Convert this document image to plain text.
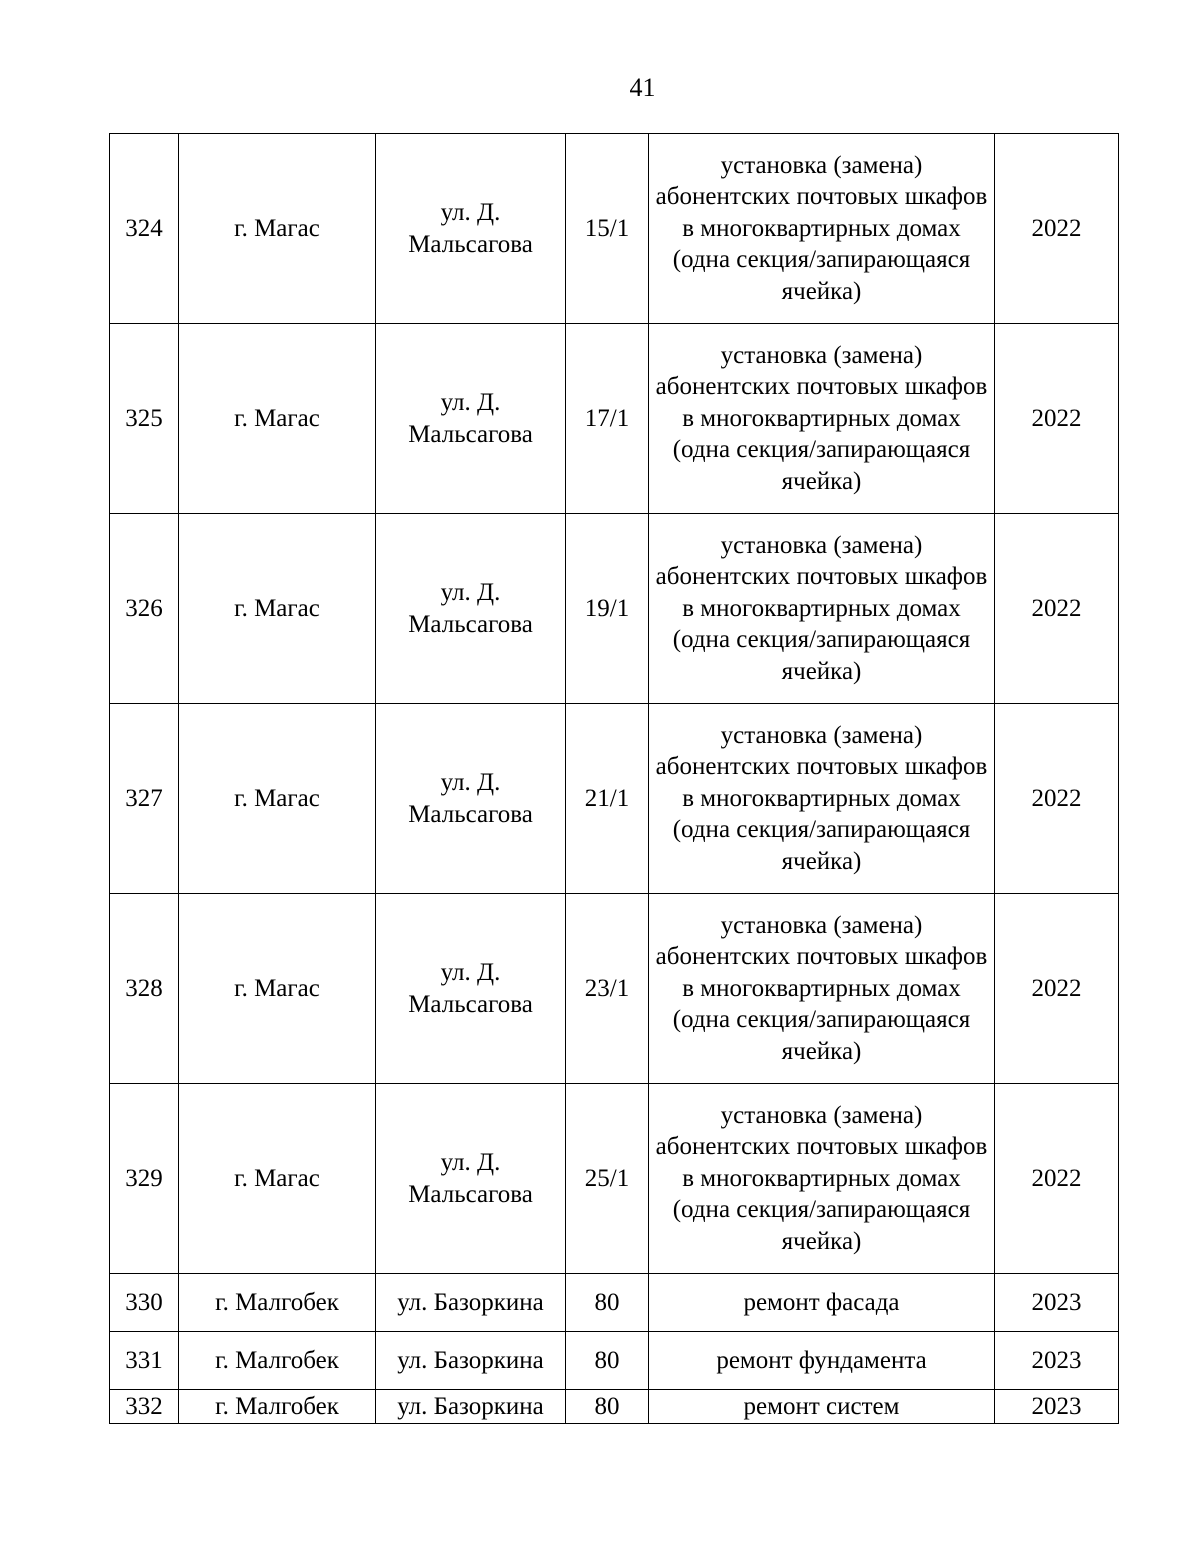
41
324	г. Магас	ул. Д. Мальсагова	15/1	установка (замена) абонентских почтовых шкафов в многоквартирных домах (одна секция/запирающаяся ячейка)	2022
325	г. Магас	ул. Д. Мальсагова	17/1	установка (замена) абонентских почтовых шкафов в многоквартирных домах (одна секция/запирающаяся ячейка)	2022
326	г. Магас	ул. Д. Мальсагова	19/1	установка (замена) абонентских почтовых шкафов в многоквартирных домах (одна секция/запирающаяся ячейка)	2022
327	г. Магас	ул. Д. Мальсагова	21/1	установка (замена) абонентских почтовых шкафов в многоквартирных домах (одна секция/запирающаяся ячейка)	2022
328	г. Магас	ул. Д. Мальсагова	23/1	установка (замена) абонентских почтовых шкафов в многоквартирных домах (одна секция/запирающаяся ячейка)	2022
329	г. Магас	ул. Д. Мальсагова	25/1	установка (замена) абонентских почтовых шкафов в многоквартирных домах (одна секция/запирающаяся ячейка)	2022
330	г. Малгобек	ул. Базоркина	80	ремонт фасада	2023
331	г. Малгобек	ул. Базоркина	80	ремонт фундамента	2023
332	г. Малгобек	ул. Базоркина	80	ремонт систем	2023
